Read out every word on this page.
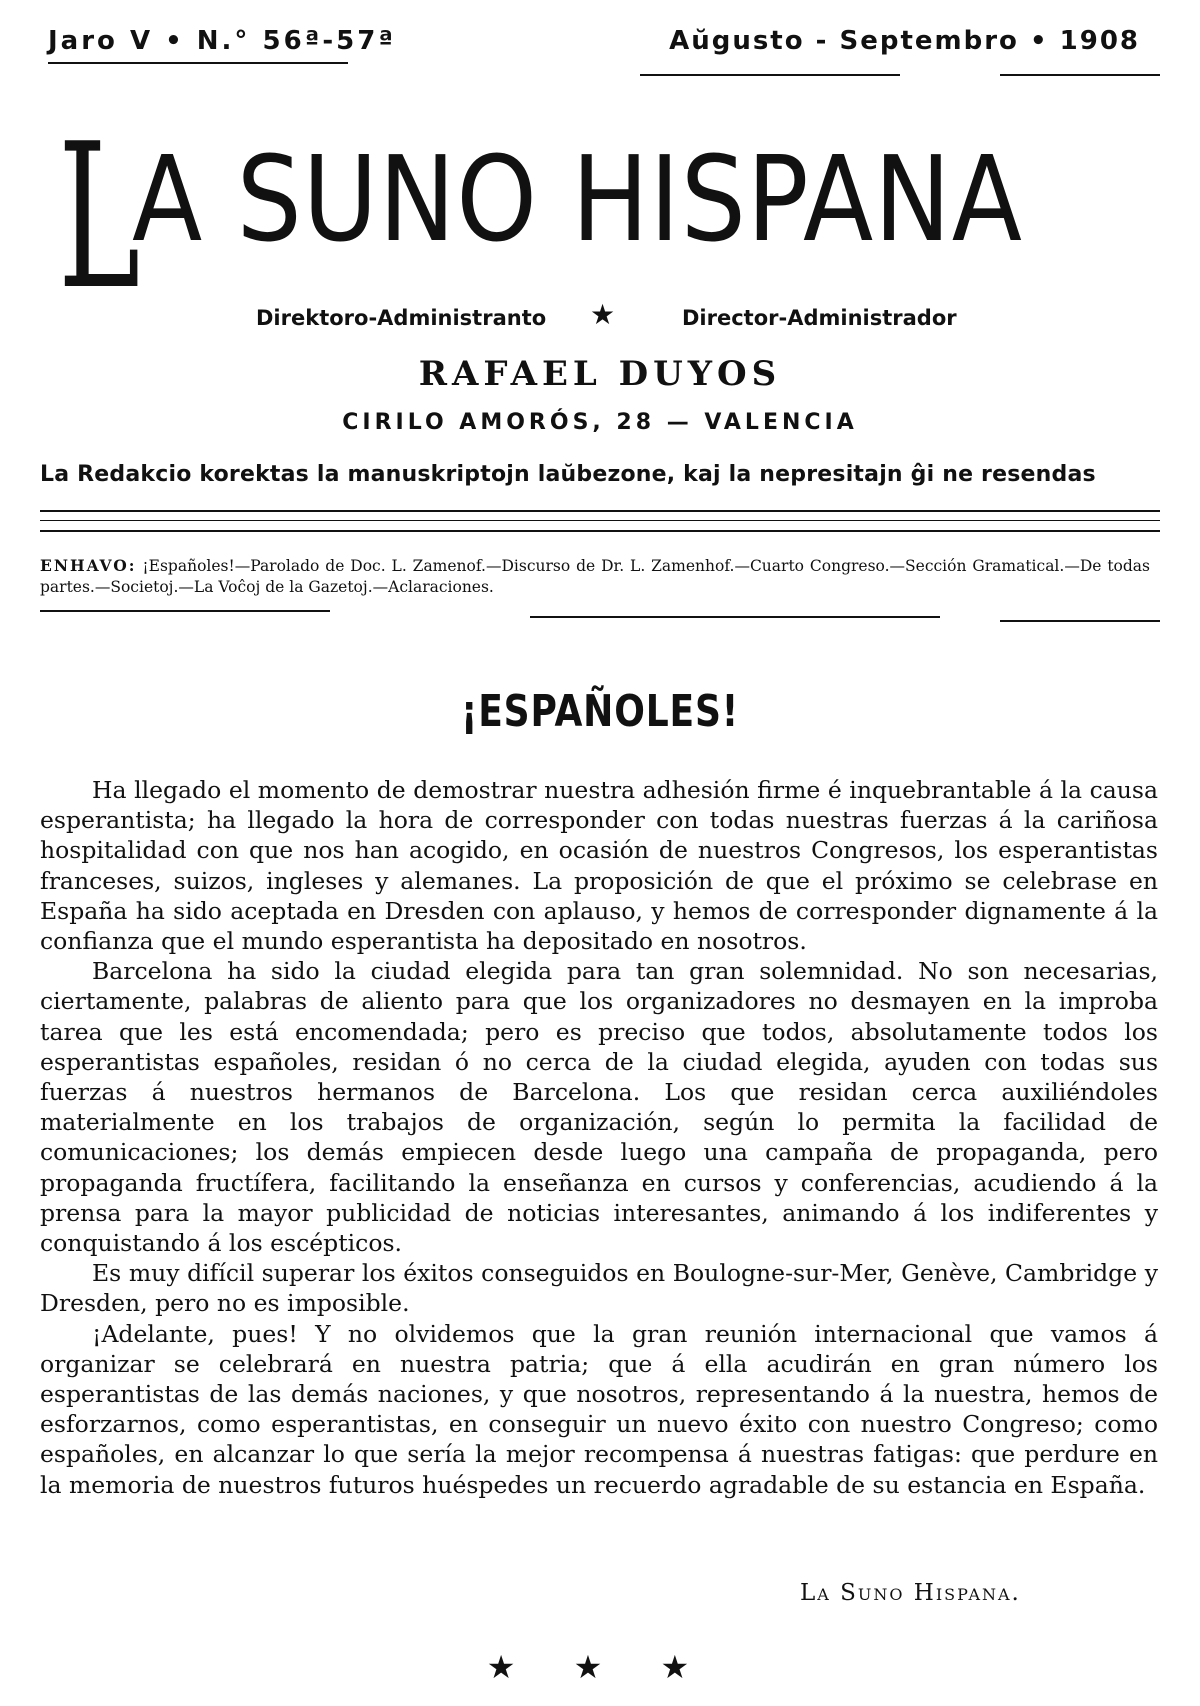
Jaro V • N.° 56ª-57ª	Aŭgusto - Septembro • 1908
L
A SUNO HISPANA
Direktoro-Administranto ★	Director-Administrador
RAFAEL DUYOS
CIRILO AMORÓS, 28 — VALENCIA
La Redakcio korektas la manuskriptojn laŭbezone, kaj la nepresitajn ĝi ne resendas
ENHAVO: ¡Españoles!—Parolado de Doc. L. Zamenof.—Discurso de Dr. L. Zamenhof.—Cuarto Congreso.—Sección Gramatical.—De todas partes.—Societoj.—La Voĉoj de la Gazetoj.—Aclaraciones.
¡ESPAÑOLES!

Ha llegado el momento de demostrar nuestra adhesión firme é inquebrantable á la causa esperantista; ha llegado la hora de corresponder con todas nuestras fuerzas á la cariñosa hospitalidad con que nos han acogido, en ocasión de nuestros Congresos, los esperantistas franceses, suizos, ingleses y alemanes. La proposición de que el próximo se celebrase en España ha sido aceptada en Dresden con aplauso, y hemos de corresponder dignamente á la confianza que el mundo esperantista ha depositado en nosotros.

Barcelona ha sido la ciudad elegida para tan gran solemnidad. No son necesarias, ciertamente, palabras de aliento para que los organizadores no desmayen en la improba tarea que les está encomendada; pero es preciso que todos, absolutamente todos los esperantistas españoles, residan ó no cerca de la ciudad elegida, ayuden con todas sus fuerzas á nuestros hermanos de Barcelona. Los que residan cerca auxiliéndoles materialmente en los trabajos de organización, según lo permita la facilidad de comunicaciones; los demás empiecen desde luego una campaña de propaganda, pero propaganda fructífera, facilitando la enseñanza en cursos y conferencias, acudiendo á la prensa para la mayor publicidad de noticias interesantes, animando á los indiferentes y conquistando á los escépticos.

Es muy difícil superar los éxitos conseguidos en Boulogne-sur-Mer, Genève, Cambridge y Dresden, pero no es imposible.

¡Adelante, pues! Y no olvidemos que la gran reunión internacional que vamos á organizar se celebrará en nuestra patria; que á ella acudirán en gran número los esperantistas de las demás naciones, y que nosotros, representando á la nuestra, hemos de esforzarnos, como esperantistas, en conseguir un nuevo éxito con nuestro Congreso; como españoles, en alcanzar lo que sería la mejor recompensa á nuestras fatigas: que perdure en la memoria de nuestros futuros huéspedes un recuerdo agradable de su estancia en España.

La Suno Hispana.
★ ★ ★
